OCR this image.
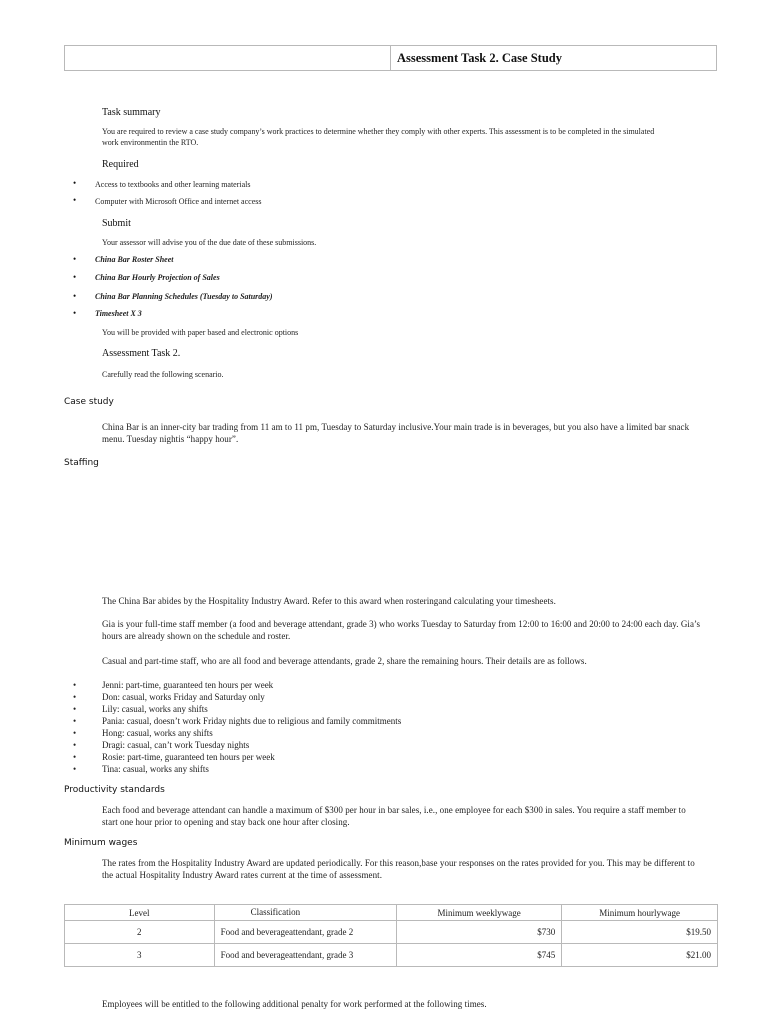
Assessment Task 2. Case Study
Task summary
You are required to review a case study company’s work practices to determine whether they comply with other experts. This assessment is to be completed in the simulated work environmentin the RTO.
Required
• Access to textbooks and other learning materials
• Computer with Microsoft Office and internet access
Submit
Your assessor will advise you of the due date of these submissions.
• China Bar Roster Sheet
• China Bar Hourly Projection of Sales
• China Bar Planning Schedules (Tuesday to Saturday)
• Timesheet X 3
You will be provided with paper based and electronic options
Assessment Task 2.
Carefully read the following scenario.
Case study
China Bar is an inner-city bar trading from 11 am to 11 pm, Tuesday to Saturday inclusive.Your main trade is in beverages, but you also have a limited bar snack menu. Tuesday nightis “happy hour”.
Staffing
The China Bar abides by the Hospitality Industry Award. Refer to this award when rosteringand calculating your timesheets.
Gia is your full-time staff member (a food and beverage attendant, grade 3) who works Tuesday to Saturday from 12:00 to 16:00 and 20:00 to 24:00 each day. Gia’s hours are already shown on the schedule and roster.
Casual and part-time staff, who are all food and beverage attendants, grade 2, share the remaining hours. Their details are as follows.
•	Jenni: part-time, guaranteed ten hours per week
•	Don: casual, works Friday and Saturday only
•	Lily: casual, works any shifts
•	Pania: casual, doesn’t work Friday nights due to religious and family commitments
•	Hong: casual, works any shifts
•	Dragi: casual, can’t work Tuesday nights
•	Rosie: part-time, guaranteed ten hours per week
•	Tina: casual, works any shifts
Productivity standards
Each food and beverage attendant can handle a maximum of $300 per hour in bar sales, i.e., one employee for each $300 in sales. You require a staff member to start one hour prior to opening and stay back one hour after closing.
Minimum wages
The rates from the Hospitality Industry Award are updated periodically. For this reason,base your responses on the rates provided for you. This may be different to the actual Hospitality Industry Award rates current at the time of assessment.
Level	Classification	Minimum weeklywage	Minimum hourlywage
2	Food and beverageattendant, grade 2	$730	$19.50
3	Food and beverageattendant, grade 3	$745	$21.00
Employees will be entitled to the following additional penalty for work performed at the following times.
